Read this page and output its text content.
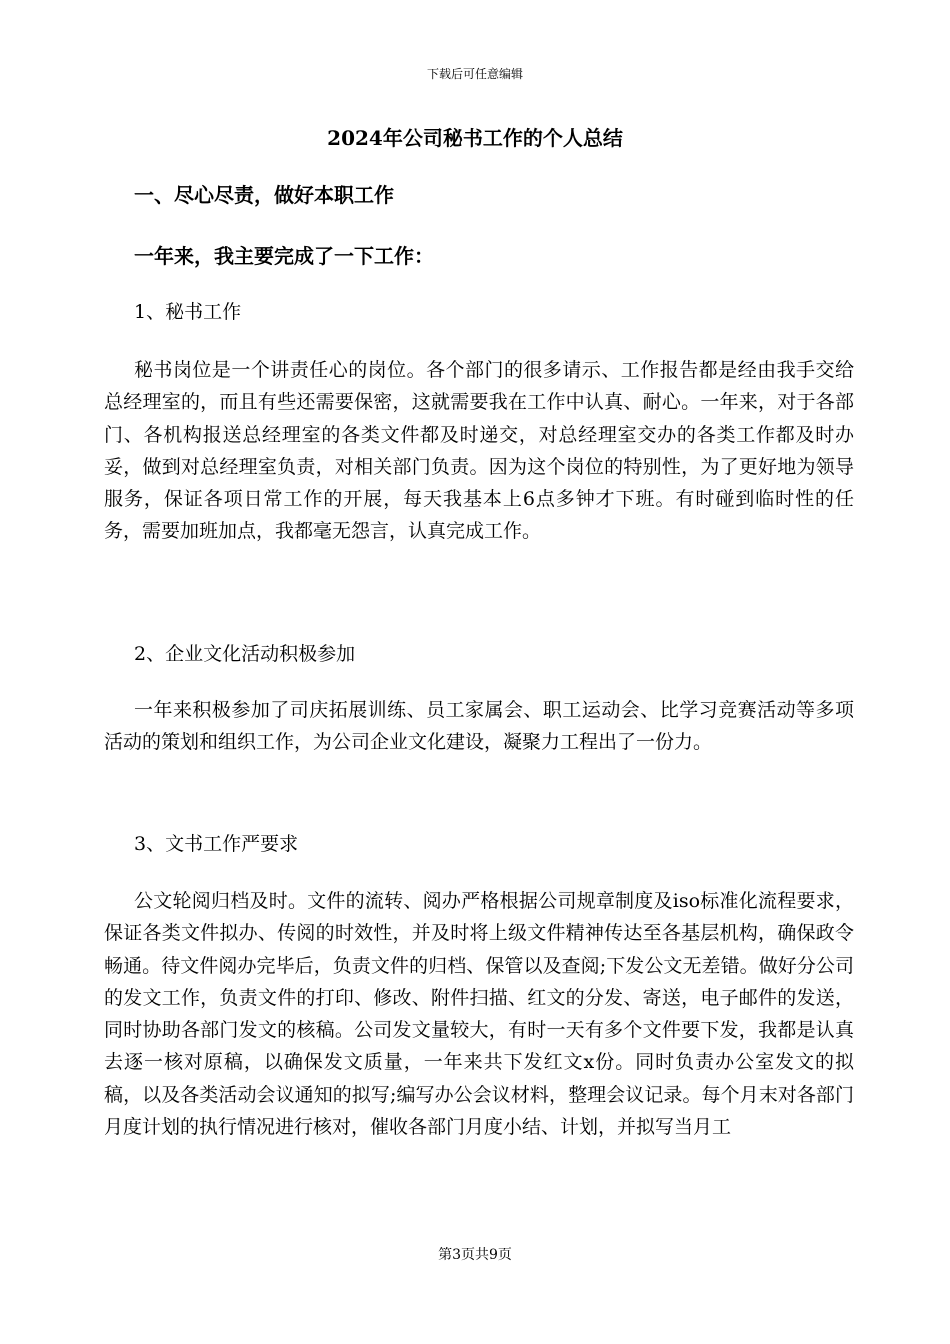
下载后可任意编辑
2024年公司秘书工作的个人总结
一、尽心尽责，做好本职工作
一年来，我主要完成了一下工作：
1、秘书工作
秘书岗位是一个讲责任心的岗位。各个部门的很多请示、工作报告都是经由我手交给总经理室的，而且有些还需要保密，这就需要我在工作中认真、耐心。一年来，对于各部门、各机构报送总经理室的各类文件都及时递交，对总经理室交办的各类工作都及时办妥，做到对总经理室负责，对相关部门负责。因为这个岗位的特别性，为了更好地为领导服务，保证各项日常工作的开展，每天我基本上6点多钟才下班。有时碰到临时性的任务，需要加班加点，我都毫无怨言，认真完成工作。
2、企业文化活动积极参加
一年来积极参加了司庆拓展训练、员工家属会、职工运动会、比学习竞赛活动等多项活动的策划和组织工作，为公司企业文化建设，凝聚力工程出了一份力。
3、文书工作严要求
公文轮阅归档及时。文件的流转、阅办严格根据公司规章制度及iso标准化流程要求，保证各类文件拟办、传阅的时效性，并及时将上级文件精神传达至各基层机构，确保政令畅通。待文件阅办完毕后，负责文件的归档、保管以及查阅;下发公文无差错。做好分公司的发文工作，负责文件的打印、修改、附件扫描、红文的分发、寄送，电子邮件的发送，同时协助各部门发文的核稿。公司发文量较大，有时一天有多个文件要下发，我都是认真去逐一核对原稿，以确保发文质量，一年来共下发红文x份。同时负责办公室发文的拟稿，以及各类活动会议通知的拟写;编写办公会议材料，整理会议记录。每个月末对各部门月度计划的执行情况进行核对，催收各部门月度小结、计划，并拟写当月工
第3页共9页
